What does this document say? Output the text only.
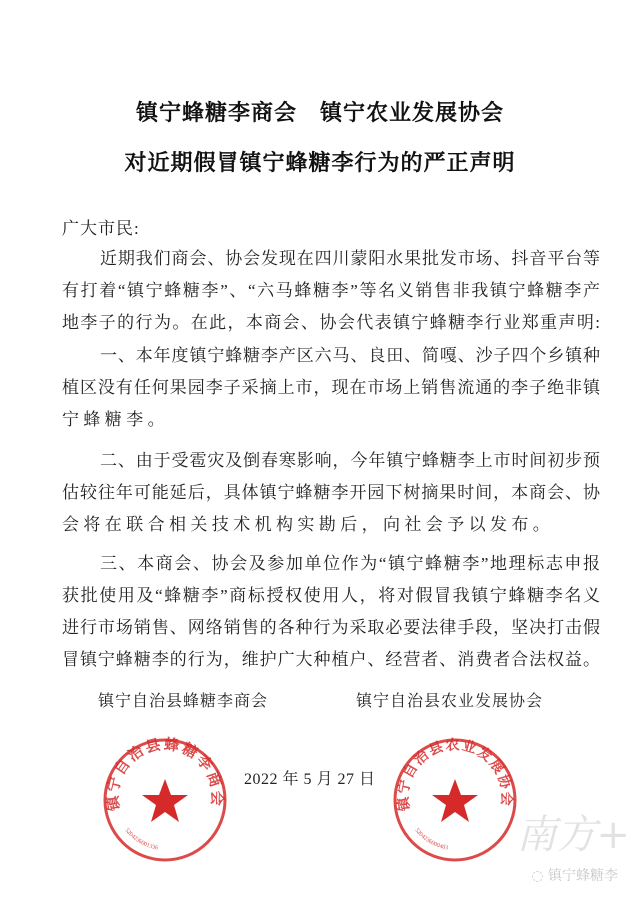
镇宁蜂糖李商会　镇宁农业发展协会
对近期假冒镇宁蜂糖李行为的严正声明
广大市民:
近期我们商会、协会发现在四川蒙阳水果批发市场、抖音平台等
有打着“镇宁蜂糖李”、“六马蜂糖李”等名义销售非我镇宁蜂糖李产
地李子的行为。在此，本商会、协会代表镇宁蜂糖李行业郑重声明:
一、本年度镇宁蜂糖李产区六马、良田、简嘎、沙子四个乡镇种
植区没有任何果园李子采摘上市，现在市场上销售流通的李子绝非镇
宁蜂糖李。
二、由于受雹灾及倒春寒影响，今年镇宁蜂糖李上市时间初步预
估较往年可能延后，具体镇宁蜂糖李开园下树摘果时间，本商会、协
会将在联合相关技术机构实勘后，向社会予以发布。
三、本商会、协会及参加单位作为“镇宁蜂糖李”地理标志申报
获批使用及“蜂糖李”商标授权使用人，将对假冒我镇宁蜂糖李名义
进行市场销售、网络销售的各种行为采取必要法律手段，坚决打击假
冒镇宁蜂糖李的行为，维护广大种植户、经营者、消费者合法权益。
镇宁自治县蜂糖李商会	镇宁自治县农业发展协会
镇宁自治县蜂糖李商会
5204236001336
镇宁自治县农业发展协会
5204236000403
2022 年 5 月 27 日
南方+
◌ 镇宁蜂糖李
